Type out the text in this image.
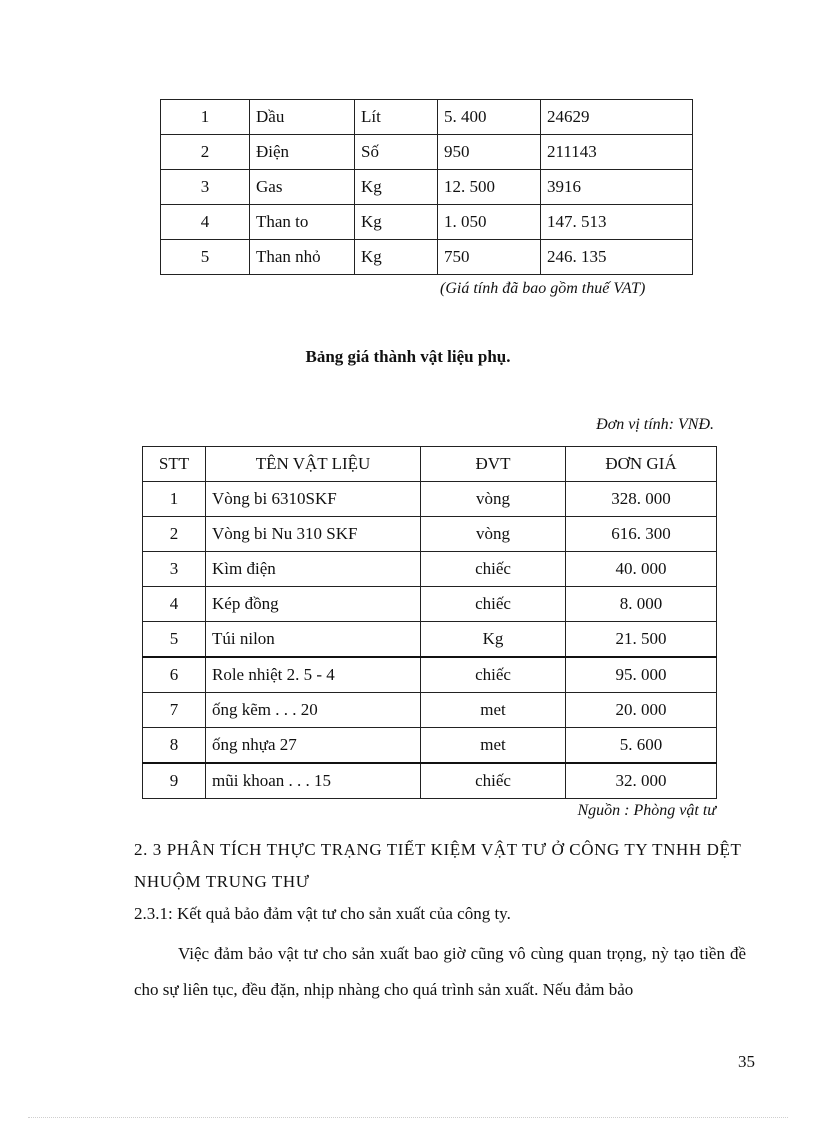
1	Dầu	Lít	5. 400	24629
2	Điện	Số	950	211143
3	Gas	Kg	12. 500	3916
4	Than to	Kg	1. 050	147. 513
5	Than nhỏ	Kg	750	246. 135
(Giá tính đã bao gồm thuế VAT)
Bảng giá thành vật liệu phụ.
Đơn vị tính: VNĐ.
STT	TÊN VẬT LIỆU	ĐVT	ĐƠN GIÁ
1	Vòng bi 6310SKF	vòng	328. 000
2	Vòng bi Nu 310 SKF	vòng	616. 300
3	Kìm điện	chiếc	40. 000
4	Kép đồng	chiếc	8. 000
5	Túi nilon	Kg	21. 500
6	Role nhiệt 2. 5 - 4	chiếc	95. 000
7	ống kẽm . . . 20	met	20. 000
8	ống nhựa 27	met	5. 600
9	mũi khoan . . . 15	chiếc	32. 000
Nguồn : Phòng vật tư
2. 3 PHÂN TÍCH THỰC TRẠNG TIẾT KIỆM VẬT TƯ Ở CÔNG TY TNHH DỆT NHUỘM TRUNG THƯ
2.3.1: Kết quả bảo đảm vật tư cho sản xuất của công ty.
Việc đảm bảo vật tư cho sản xuất bao giờ cũng vô cùng quan trọng, nỳ tạo tiền đề cho sự liên tục, đều đặn, nhịp nhàng cho quá trình sản xuất. Nếu đảm bảo
35
